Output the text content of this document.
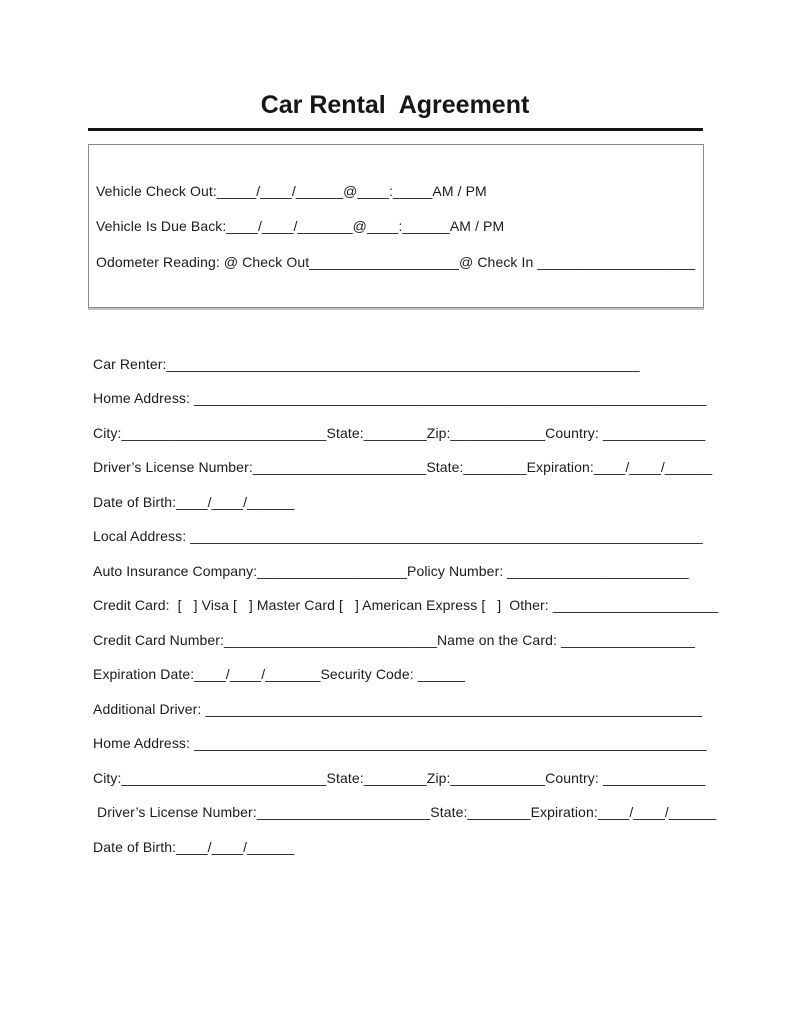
Car Rental  Agreement
Vehicle Check Out:_____/____/______@____:_____AM / PM
Vehicle Is Due Back:____/____/_______@____:______AM / PM
Odometer Reading: @ Check Out___________________@ Check In ____________________
Car Renter:____________________________________________________________
Home Address: _________________________________________________________________
City:__________________________State:________Zip:____________Country: _____________
Driver’s License Number:______________________State:________Expiration:____/____/______
Date of Birth:____/____/______
Local Address: _________________________________________________________________
Auto Insurance Company:___________________Policy Number: _______________________
Credit Card:  [   ] Visa [   ] Master Card [   ] American Express [   ]  Other: _____________________
Credit Card Number:___________________________Name on the Card: _________________
Expiration Date:____/____/_______Security Code: ______
Additional Driver: _______________________________________________________________
Home Address: _________________________________________________________________
City:__________________________State:________Zip:____________Country: _____________
Driver’s License Number:______________________State:________Expiration:____/____/______
Date of Birth:____/____/______
